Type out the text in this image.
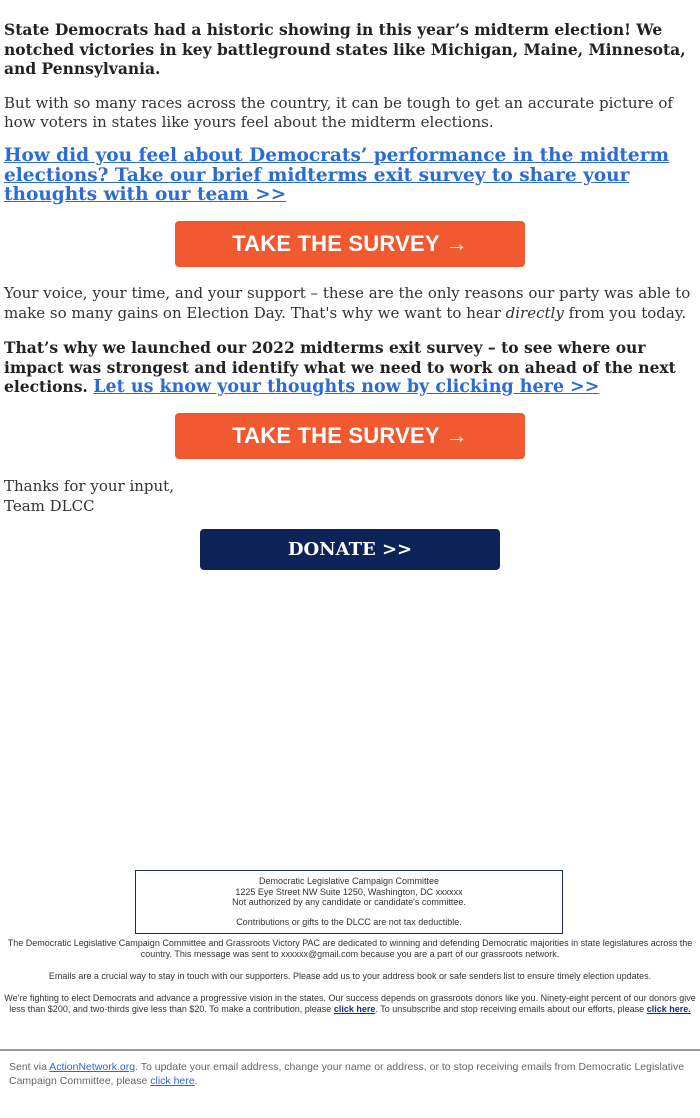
State Democrats had a historic showing in this year’s midterm election! We notched victories in key battleground states like Michigan, Maine, Minnesota, and Pennsylvania.

But with so many races across the country, it can be tough to get an accurate picture of how voters in states like yours feel about the midterm elections.

How did you feel about Democrats’ performance in the midterm elections? Take our brief midterms exit survey to share your thoughts with our team >>
TAKE THE SURVEY →

Your voice, your time, and your support – these are the only reasons our party was able to make so many gains on Election Day. That's why we want to hear directly from you today.

That’s why we launched our 2022 midterms exit survey – to see where our impact was strongest and identify what we need to work on ahead of the next elections. Let us know your thoughts now by clicking here >>

TAKE THE SURVEY →

Thanks for your input,
Team DLCC

DONATE >>
Democratic Legislative Campaign Committee
1225 Eye Street NW Suite 1250, Washington, DC xxxxxx
Not authorized by any candidate or candidate's committee.
Contributions or gifts to the DLCC are not tax deductible.
The Democratic Legislative Campaign Committee and Grassroots Victory PAC are dedicated to winning and defending Democratic majorities in state legislatures across the country. This message was sent to xxxxxx@gmail.com because you are a part of our grassroots network.
Emails are a crucial way to stay in touch with our supporters. Please add us to your address book or safe senders list to ensure timely election updates.
We're fighting to elect Democrats and advance a progressive vision in the states. Our success depends on grassroots donors like you. Ninety-eight percent of our donors give less than $200, and two-thirds give less than $20. To make a contribution, please click here. To unsubscribe and stop receiving emails about our efforts, please click here.
Sent via ActionNetwork.org. To update your email address, change your name or address, or to stop receiving emails from Democratic Legislative Campaign Committee, please click here.
